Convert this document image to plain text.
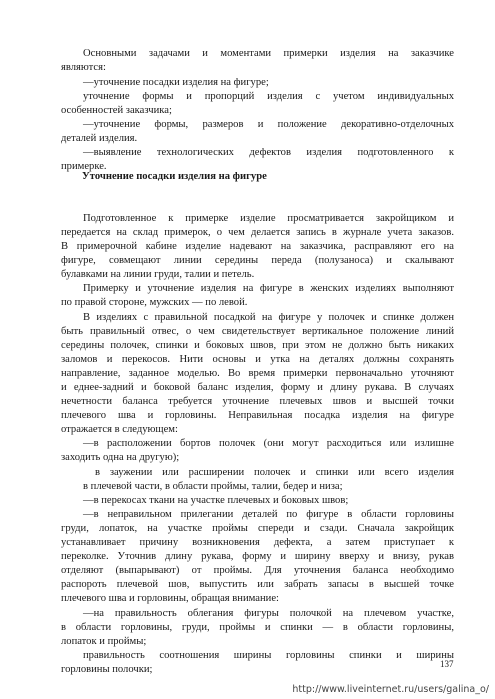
Основными задачами и моментами примерки изделия на заказчике
являются:
—уточнение посадки изделия на фигуре;
уточнение формы и пропорций изделия с учетом индивидуальных
особенностей заказчика;
—уточнение формы, размеров и положение декоративно-отделочных
деталей изделия.
—выявление технологических дефектов изделия подготовленного к
примерке.
Уточнение посадки изделия на фигуре
Подготовленное к примерке изделие просматривается закройщиком и
передается на склад примерок, о чем делается запись в журнале учета заказов.
В примерочной кабине изделие надевают на заказчика, расправляют его на
фигуре, совмещают линии середины переда (полузаноса) и скалывают
булавками на линии груди, талии и петель.
Примерку и уточнение изделия на фигуре в женских изделиях выполняют
по правой стороне, мужских — по левой.
В изделиях с правильной посадкой на фигуре у полочек и спинке должен
быть правильный отвес, о чем свидетельствует вертикальное положение линий
середины полочек, спинки и боковых швов, при этом не должно быть никаких
заломов и перекосов. Нити основы и утка на деталях должны сохранять
направление, заданное моделью. Во время примерки первоначально уточняют
и еднее-задний и боковой баланс изделия, форму и длину рукава. В случаях
нечетности баланса требуется уточнение плечевых швов и высшей точки
плечевого шва и горловины. Неправильная посадка изделия на фигуре
отражается в следующем:
—в расположении бортов полочек (они могут расходиться или излишне
заходить одна на другую);
в заужении или расширении полочек и спинки или всего изделия
в плечевой части, в области проймы, талии, бедер и низа;
—в перекосах ткани на участке плечевых и боковых швов;
—в неправильном прилегании деталей по фигуре в области горловины
груди, лопаток, на участке проймы спереди и сзади. Сначала закройщик
устанавливает причину возникновения дефекта, а затем приступает к
переколке. Уточнив длину рукава, форму и ширину вверху и внизу, рукав
отделяют (выпарывают) от проймы. Для уточнения баланса необходимо
распороть плечевой шов, выпустить или забрать запасы в высшей точке
плечевого шва и горловины, обращая внимание:
—на правильность облегания фигуры полочкой на плечевом участке,
в области горловины, груди, проймы и спинки — в области горловины,
лопаток и проймы;
правильность соотношения ширины горловины спинки и ширины
горловины полочки;	137
http://www.liveinternet.ru/users/galina_o/
